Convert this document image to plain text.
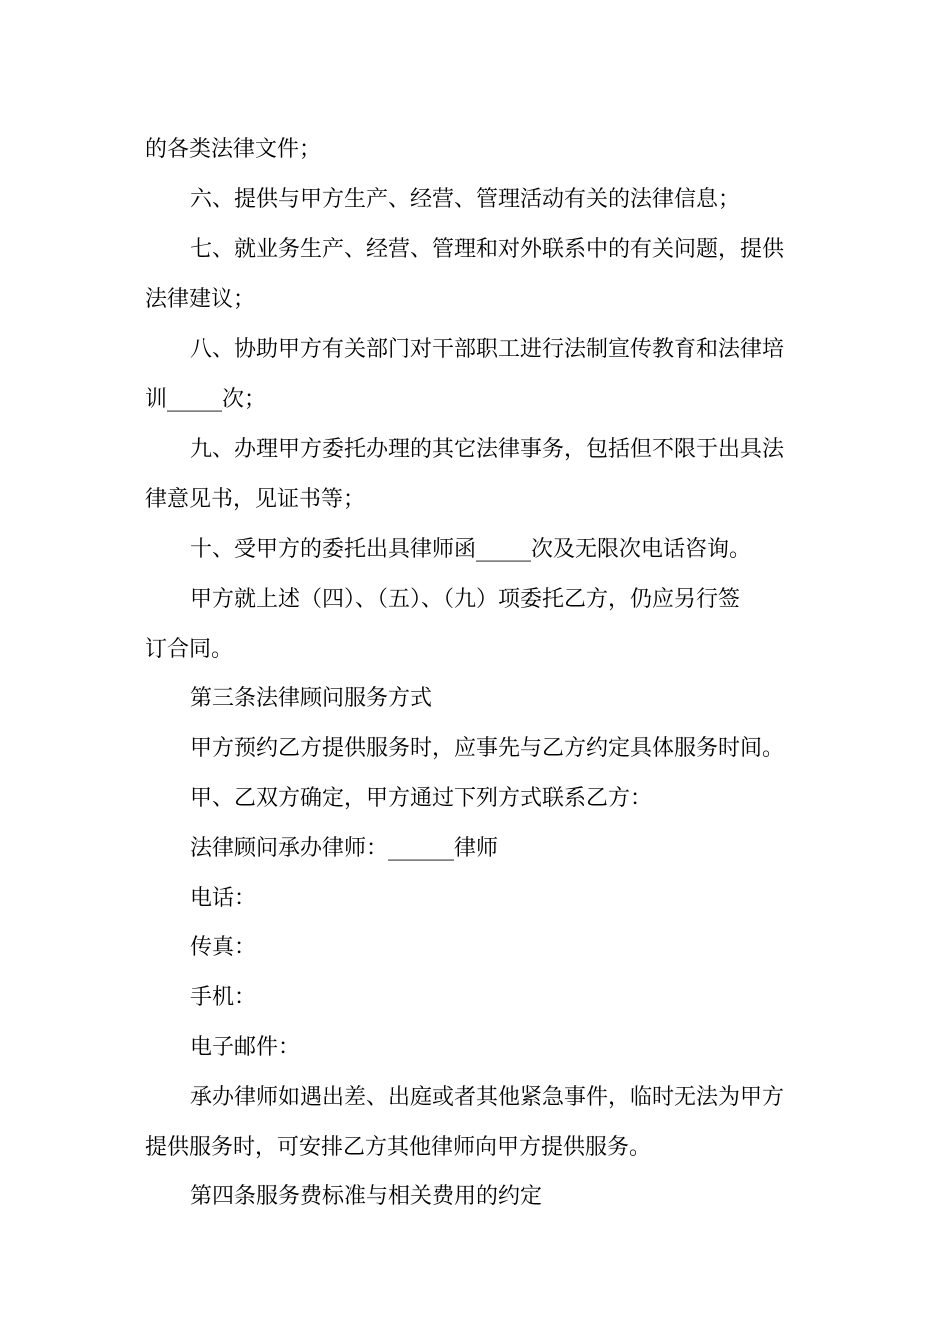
的各类法律文件；
六、提供与甲方生产、经营、管理活动有关的法律信息；
七、就业务生产、经营、管理和对外联系中的有关问题，提供
法律建议；
八、协助甲方有关部门对干部职工进行法制宣传教育和法律培
训_____次；
九、办理甲方委托办理的其它法律事务，包括但不限于出具法
律意见书，见证书等；
十、受甲方的委托出具律师函_____次及无限次电话咨询。
甲方就上述（四）、（五）、（九）项委托乙方，仍应另行签
订合同。
第三条法律顾问服务方式
甲方预约乙方提供服务时，应事先与乙方约定具体服务时间。
甲、乙双方确定，甲方通过下列方式联系乙方：
法律顾问承办律师：______律师
电话：
传真：
手机：
电子邮件：
承办律师如遇出差、出庭或者其他紧急事件，临时无法为甲方
提供服务时，可安排乙方其他律师向甲方提供服务。
第四条服务费标准与相关费用的约定
